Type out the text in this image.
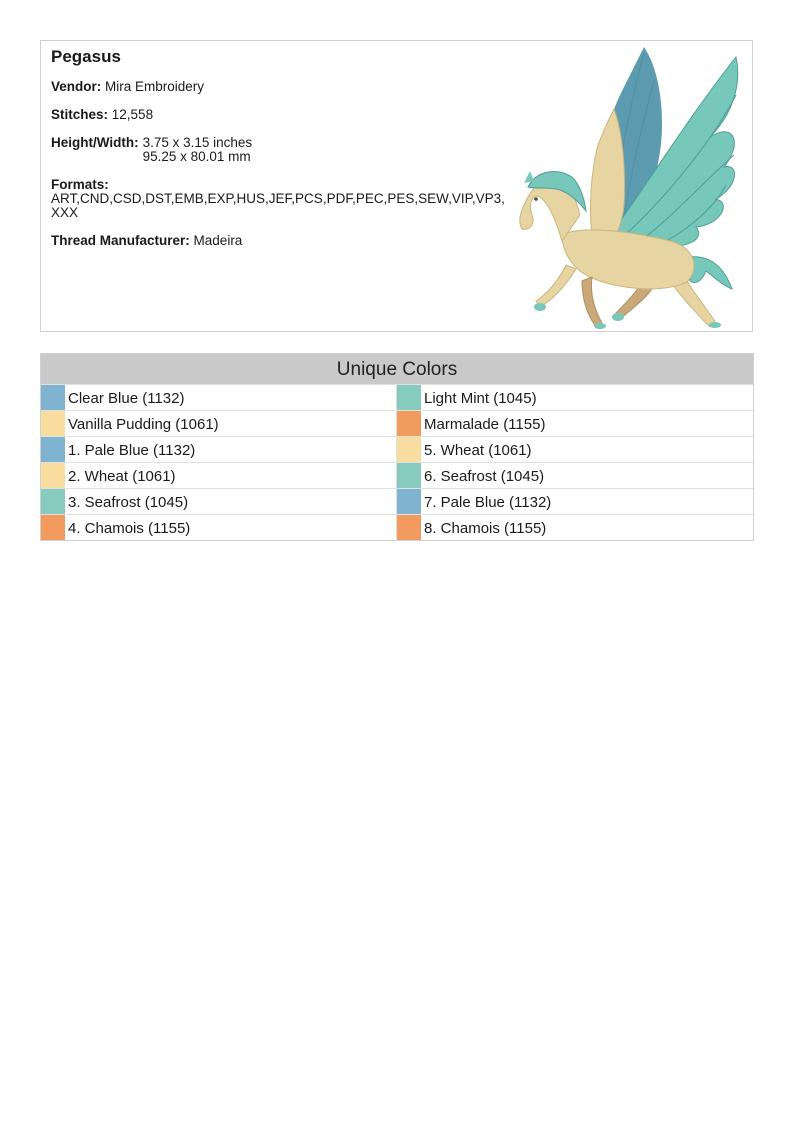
Pegasus
Vendor: Mira Embroidery
Stitches: 12,558
Height/Width: 3.75 x 3.15 inches
95.25 x 80.01 mm
Formats:
ART,CND,CSD,DST,EMB,EXP,HUS,JEF,PCS,PDF,PEC,PES,SEW,VIP,VP3,XXX
Thread Manufacturer: Madeira
Unique Colors
Clear Blue (1132)	Light Mint (1045)
Vanilla Pudding (1061)	Marmalade (1155)
1. Pale Blue (1132)	5. Wheat (1061)
2. Wheat (1061)	6. Seafrost (1045)
3. Seafrost (1045)	7. Pale Blue (1132)
4. Chamois (1155)	8. Chamois (1155)
